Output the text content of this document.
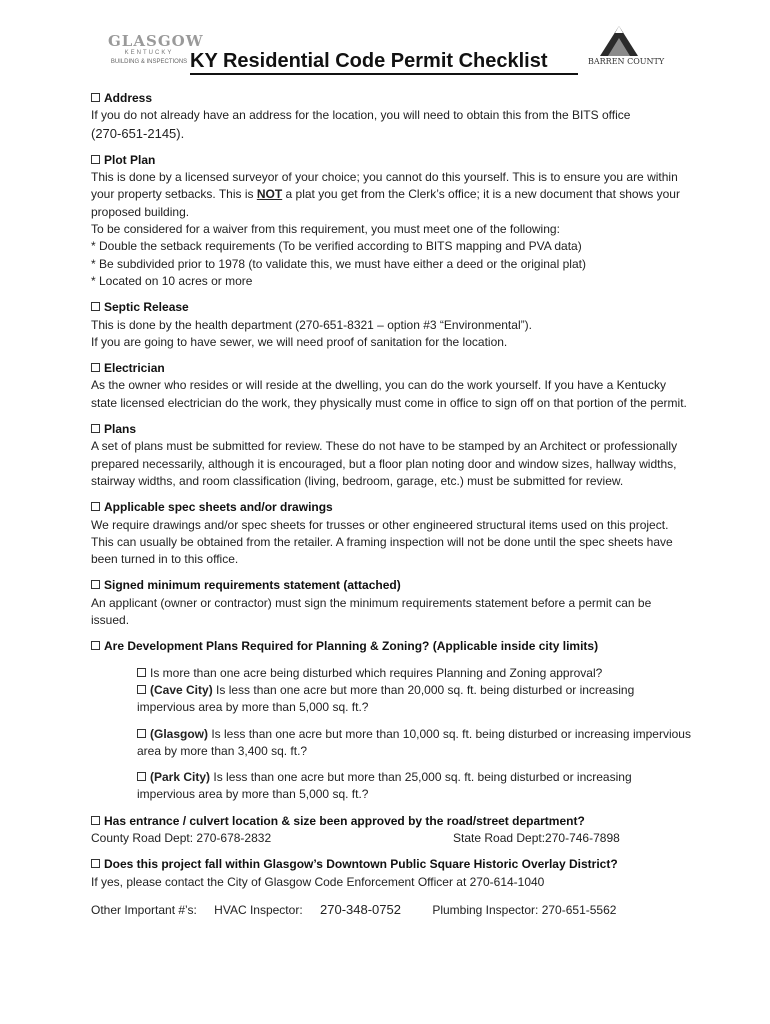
GLASGOW
KENTUCKY
BUILDING & INSPECTIONS KY Residential Code Permit Checklist	BARREN COUNTY
Address

If you do not already have an address for the location, you will need to obtain this from the BITS office
(270-651-2145).

Plot Plan

This is done by a licensed surveyor of your choice; you cannot do this yourself. This is to ensure you are within your property setbacks. This is NOT a plat you get from the Clerk’s office; it is a new document that shows your proposed building.

To be considered for a waiver from this requirement, you must meet one of the following:

* Double the setback requirements (To be verified according to BITS mapping and PVA data)

* Be subdivided prior to 1978 (to validate this, we must have either a deed or the original plat)

* Located on 10 acres or more

Septic Release

This is done by the health department (270-651-8321 – option #3 “Environmental”).

If you are going to have sewer, we will need proof of sanitation for the location.

Electrician

As the owner who resides or will reside at the dwelling, you can do the work yourself. If you have a Kentucky state licensed electrician do the work, they physically must come in office to sign off on that portion of the permit.

Plans

A set of plans must be submitted for review. These do not have to be stamped by an Architect or professionally prepared necessarily, although it is encouraged, but a floor plan noting door and window sizes, hallway widths, stairway widths, and room classification (living, bedroom, garage, etc.) must be submitted for review.

Applicable spec sheets and/or drawings

We require drawings and/or spec sheets for trusses or other engineered structural items used on this project. This can usually be obtained from the retailer. A framing inspection will not be done until the spec sheets have been turned in to this office.

Signed minimum requirements statement (attached)

An applicant (owner or contractor) must sign the minimum requirements statement before a permit can be issued.

Are Development Plans Required for Planning & Zoning? (Applicable inside city limits)

Is more than one acre being disturbed which requires Planning and Zoning approval?

(Cave City) Is less than one acre but more than 20,000 sq. ft. being disturbed or increasing impervious area by more than 5,000 sq. ft.?

(Glasgow) Is less than one acre but more than 10,000 sq. ft. being disturbed or increasing impervious area by more than 3,400 sq. ft.?

(Park City) Is less than one acre but more than 25,000 sq. ft. being disturbed or increasing impervious area by more than 5,000 sq. ft.?

Has entrance / culvert location & size been approved by the road/street department?
County Road Dept: 270-678-2832	State Road Dept:270-746-7898
Does this project fall within Glasgow’s Downtown Public Square Historic Overlay District?

If yes, please contact the City of Glasgow Code Enforcement Officer at 270-614-1040

Other Important #’s: HVAC Inspector: 270-348-0752	Plumbing Inspector: 270-651-5562
